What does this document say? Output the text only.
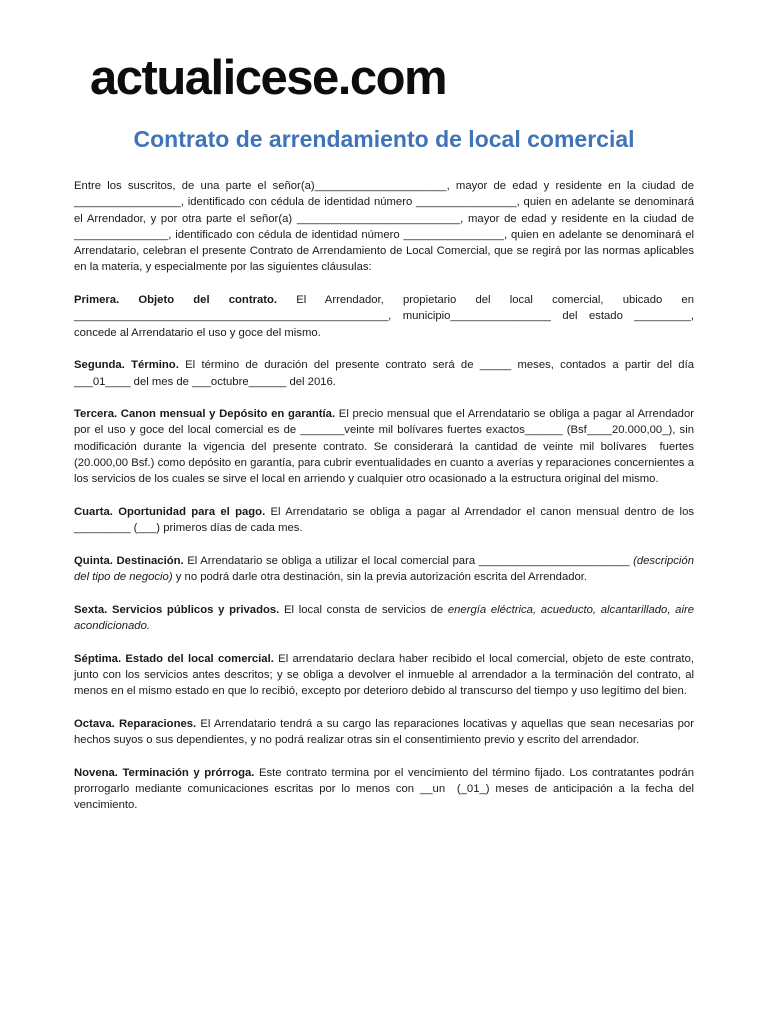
actualicese.com
Contrato de arrendamiento de local comercial

Entre los suscritos, de una parte el señor(a)_____________________, mayor de edad y residente en la ciudad de _________________, identificado con cédula de identidad número ________________, quien en adelante se denominará el Arrendador, y por otra parte el señor(a) __________________________, mayor de edad y residente en la ciudad de _______________, identificado con cédula de identidad número ________________, quien en adelante se denominará el Arrendatario, celebran el presente Contrato de Arrendamiento de Local Comercial, que se regirá por las normas aplicables en la materia, y especialmente por las siguientes cláusulas:

Primera. Objeto del contrato. El Arrendador, propietario del local comercial, ubicado en __________________________________________________, municipio________________ del estado _________, concede al Arrendatario el uso y goce del mismo.

Segunda. Término. El término de duración del presente contrato será de _____ meses, contados a partir del día ___01____ del mes de ___octubre______ del 2016.

Tercera. Canon mensual y Depósito en garantía. El precio mensual que el Arrendatario se obliga a pagar al Arrendador por el uso y goce del local comercial es de _______veinte mil bolívares fuertes exactos______ (Bsf____20.000,00_), sin modificación durante la vigencia del presente contrato. Se considerará la cantidad de veinte mil bolívares  fuertes (20.000,00 Bsf.) como depósito en garantía, para cubrir eventualidades en cuanto a averías y reparaciones concernientes a los servicios de los cuales se sirve el local en arriendo y cualquier otro ocasionado a la estructura original del mismo.

Cuarta. Oportunidad para el pago. El Arrendatario se obliga a pagar al Arrendador el canon mensual dentro de los _________ (___) primeros días de cada mes.

Quinta. Destinación. El Arrendatario se obliga a utilizar el local comercial para ________________________ (descripción del tipo de negocio) y no podrá darle otra destinación, sin la previa autorización escrita del Arrendador.

Sexta. Servicios públicos y privados. El local consta de servicios de energía eléctrica, acueducto, alcantarillado, aire acondicionado.

Séptima. Estado del local comercial. El arrendatario declara haber recibido el local comercial, objeto de este contrato, junto con los servicios antes descritos; y se obliga a devolver el inmueble al arrendador a la terminación del contrato, al menos en el mismo estado en que lo recibió, excepto por deterioro debido al transcurso del tiempo y uso legítimo del bien.

Octava. Reparaciones. El Arrendatario tendrá a su cargo las reparaciones locativas y aquellas que sean necesarias por hechos suyos o sus dependientes, y no podrá realizar otras sin el consentimiento previo y escrito del arrendador.

Novena. Terminación y prórroga. Este contrato termina por el vencimiento del término fijado. Los contratantes podrán prorrogarlo mediante comunicaciones escritas por lo menos con __un  (_01_) meses de anticipación a la fecha del vencimiento.
